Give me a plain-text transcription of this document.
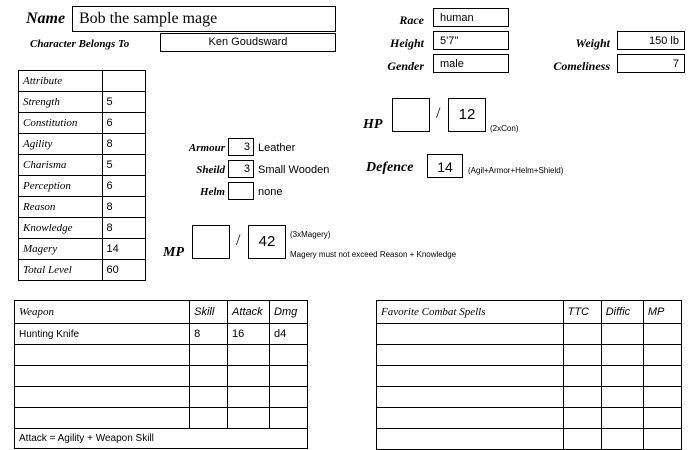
Name Bob the sample mage
Character Belongs To	Ken Goudsward
Race	human
Height	5'7"	Weight	150 lb
Gender	male	Comeliness	7
Attribute	
Strength	5
Constitution	6
Agility	8
Charisma	5
Perception	6
Reason	8
Knowledge	8
Magery	14
Total Level	60
Armour	3 Leather
Sheild	3 Small Wooden
Helm	none
HP
/	12
(2xCon)
Defence	14	(Agil+Armor+Helm+Shield)
MP
/	42	(3xMagery)
Magery must not exceed Reason + Knowledge
Weapon	Skill	Attack	Dmg
Hunting Knife	8	16	d4

Attack = Agility + Weapon Skill			
Favorite Combat Spells	TTC	Diffic	MP
